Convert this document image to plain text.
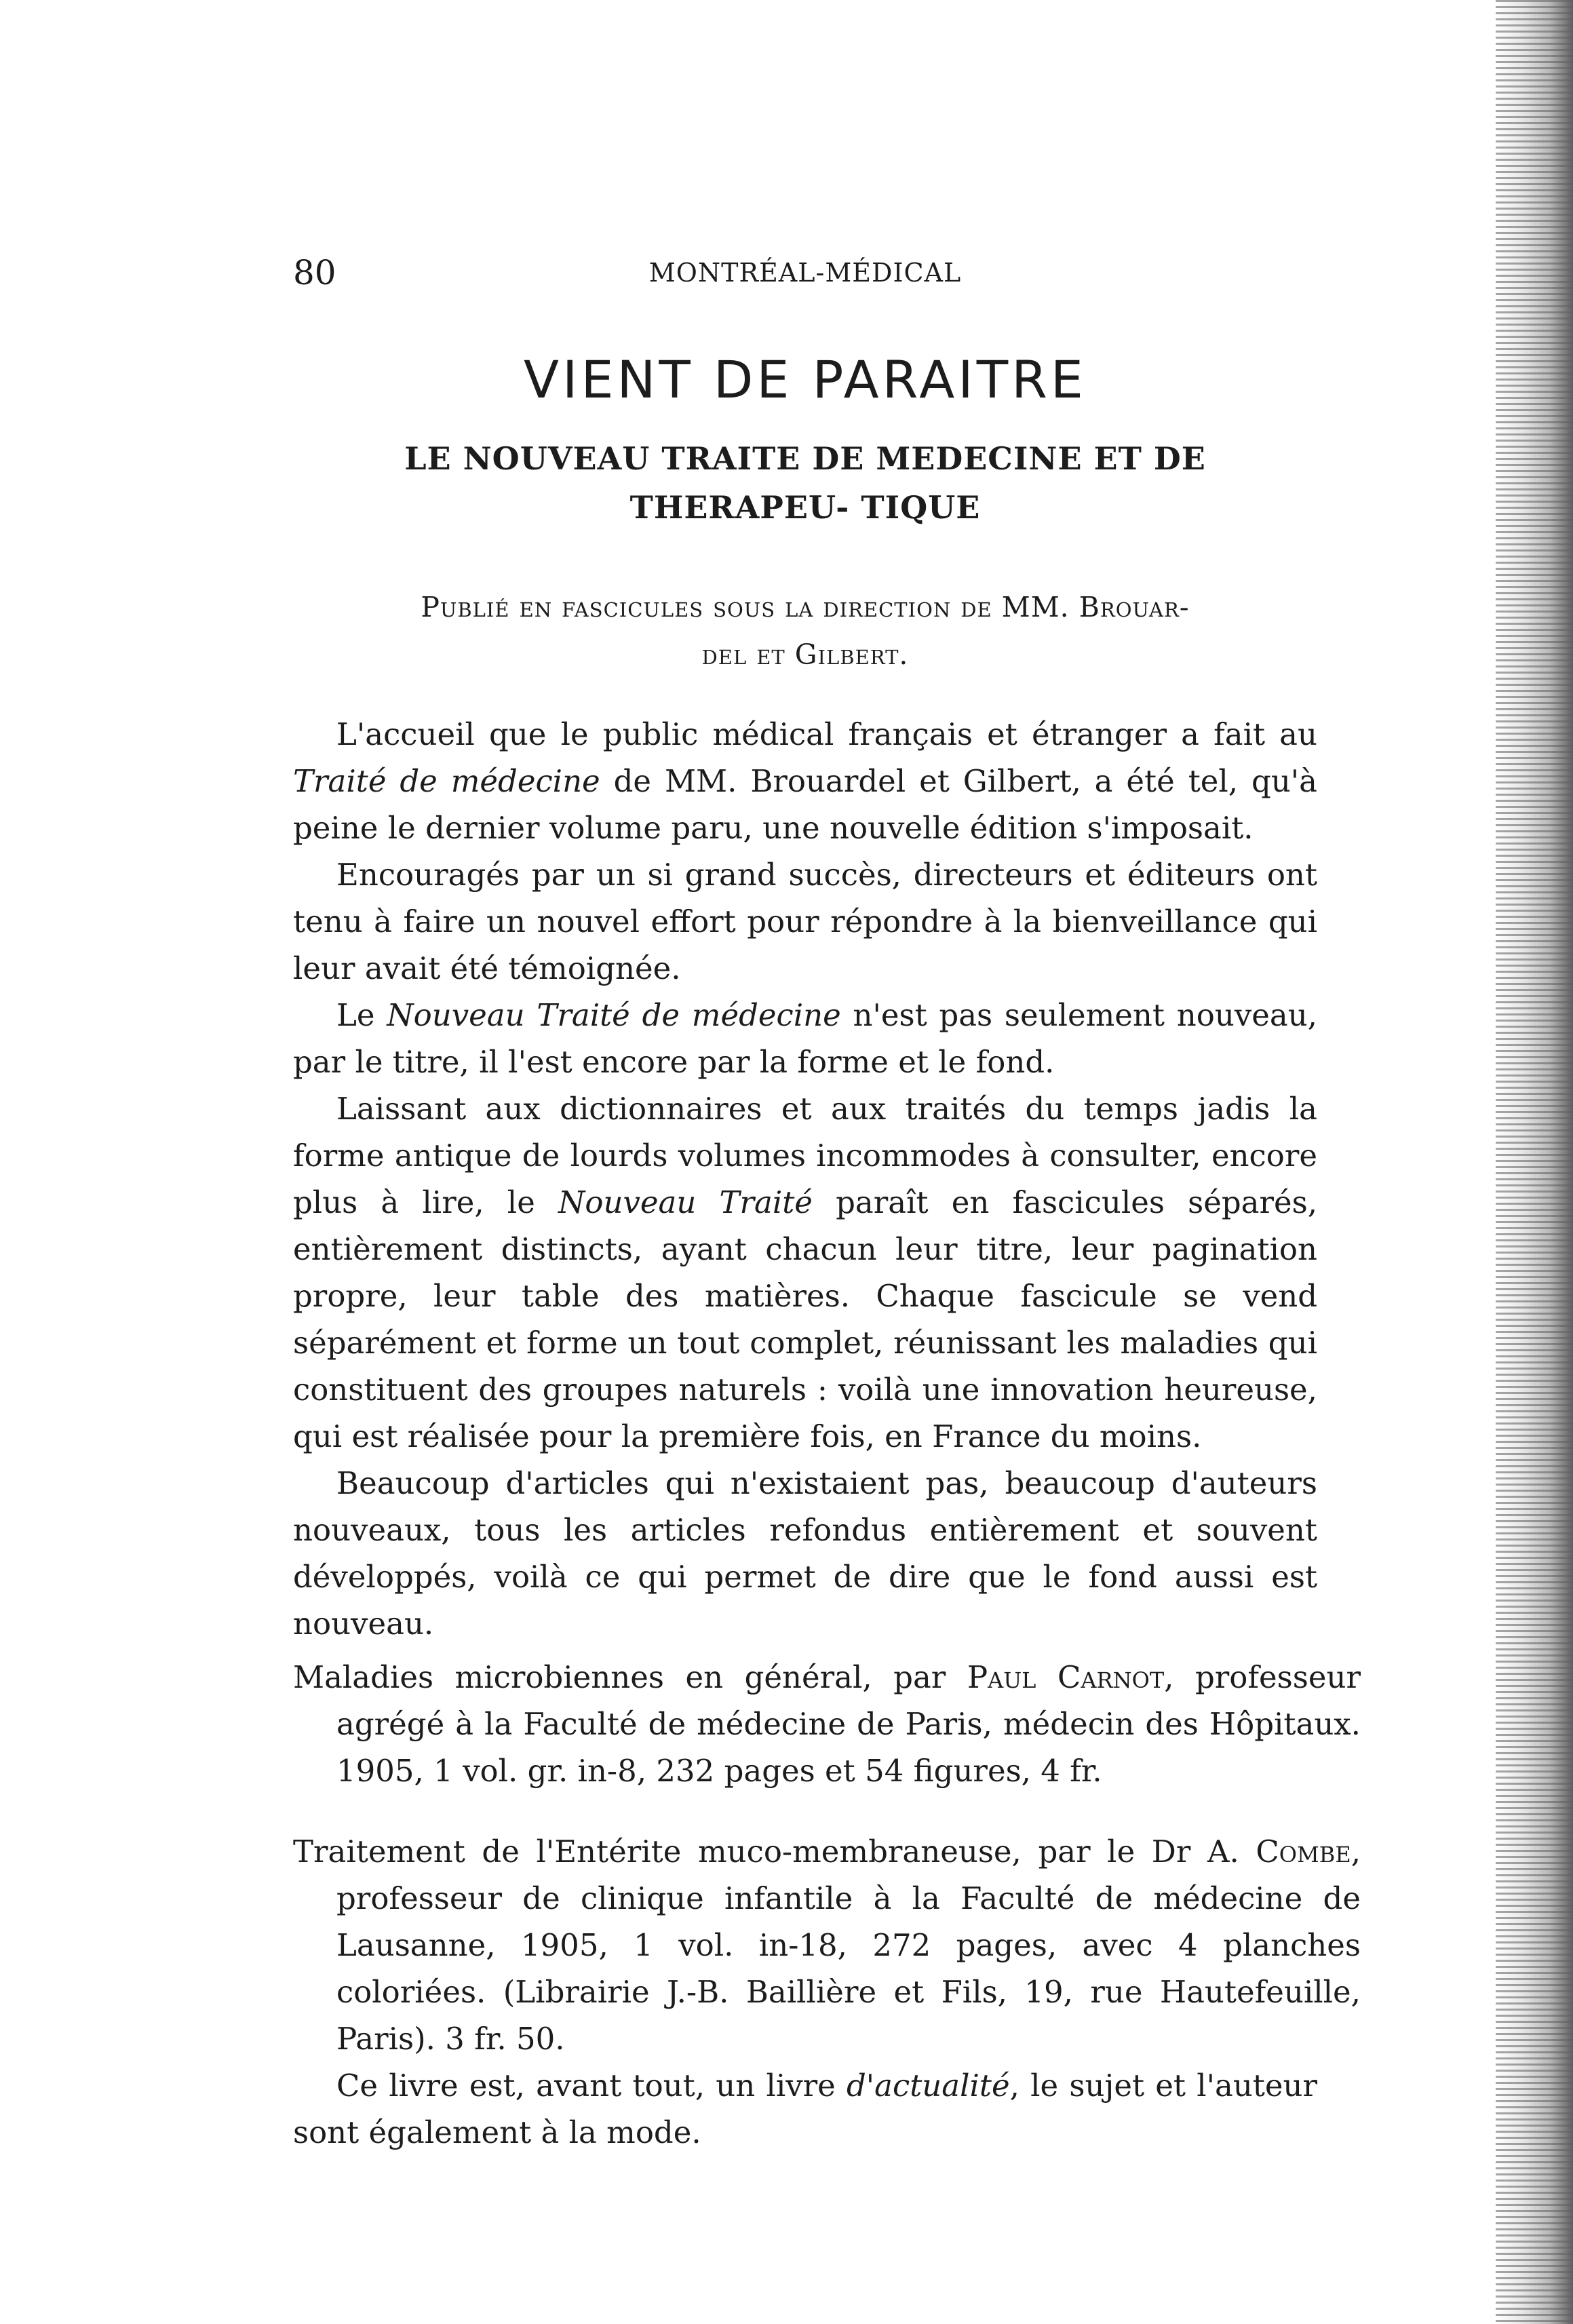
80	MONTRÉAL-MÉDICAL
VIENT DE PARAITRE
LE NOUVEAU TRAITE DE MEDECINE ET DE THERAPEU- TIQUE
Publié en fascicules sous la direction de MM. Brouar-
del et Gilbert.

L'accueil que le public médical français et étranger a fait au Traité de médecine de MM. Brouardel et Gilbert, a été tel, qu'à peine le dernier volume paru, une nouvelle édition s'imposait.

Encouragés par un si grand succès, directeurs et éditeurs ont tenu à faire un nouvel effort pour répondre à la bienveillance qui leur avait été témoignée.

Le Nouveau Traité de médecine n'est pas seulement nouveau, par le titre, il l'est encore par la forme et le fond.

Laissant aux dictionnaires et aux traités du temps jadis la forme antique de lourds volumes incommodes à consulter, encore plus à lire, le Nouveau Traité paraît en fascicules séparés, entièrement distincts, ayant chacun leur titre, leur pagination propre, leur table des matières. Chaque fascicule se vend séparément et forme un tout complet, réunissant les maladies qui constituent des groupes naturels : voilà une innovation heureuse, qui est réalisée pour la première fois, en France du moins.

Beaucoup d'articles qui n'existaient pas, beaucoup d'auteurs nouveaux, tous les articles refondus entièrement et souvent développés, voilà ce qui permet de dire que le fond aussi est nouveau.

Maladies microbiennes en général, par Paul Carnot, professeur agrégé à la Faculté de médecine de Paris, médecin des Hôpitaux. 1905, 1 vol. gr. in-8, 232 pages et 54 figures, 4 fr.

Traitement de l'Entérite muco-membraneuse, par le Dr A. Combe, professeur de clinique infantile à la Faculté de médecine de Lausanne, 1905, 1 vol. in-18, 272 pages, avec 4 planches coloriées. (Librairie J.-B. Baillière et Fils, 19, rue Hautefeuille, Paris). 3 fr. 50.

Ce livre est, avant tout, un livre d'actualité, le sujet et l'auteur sont également à la mode.
